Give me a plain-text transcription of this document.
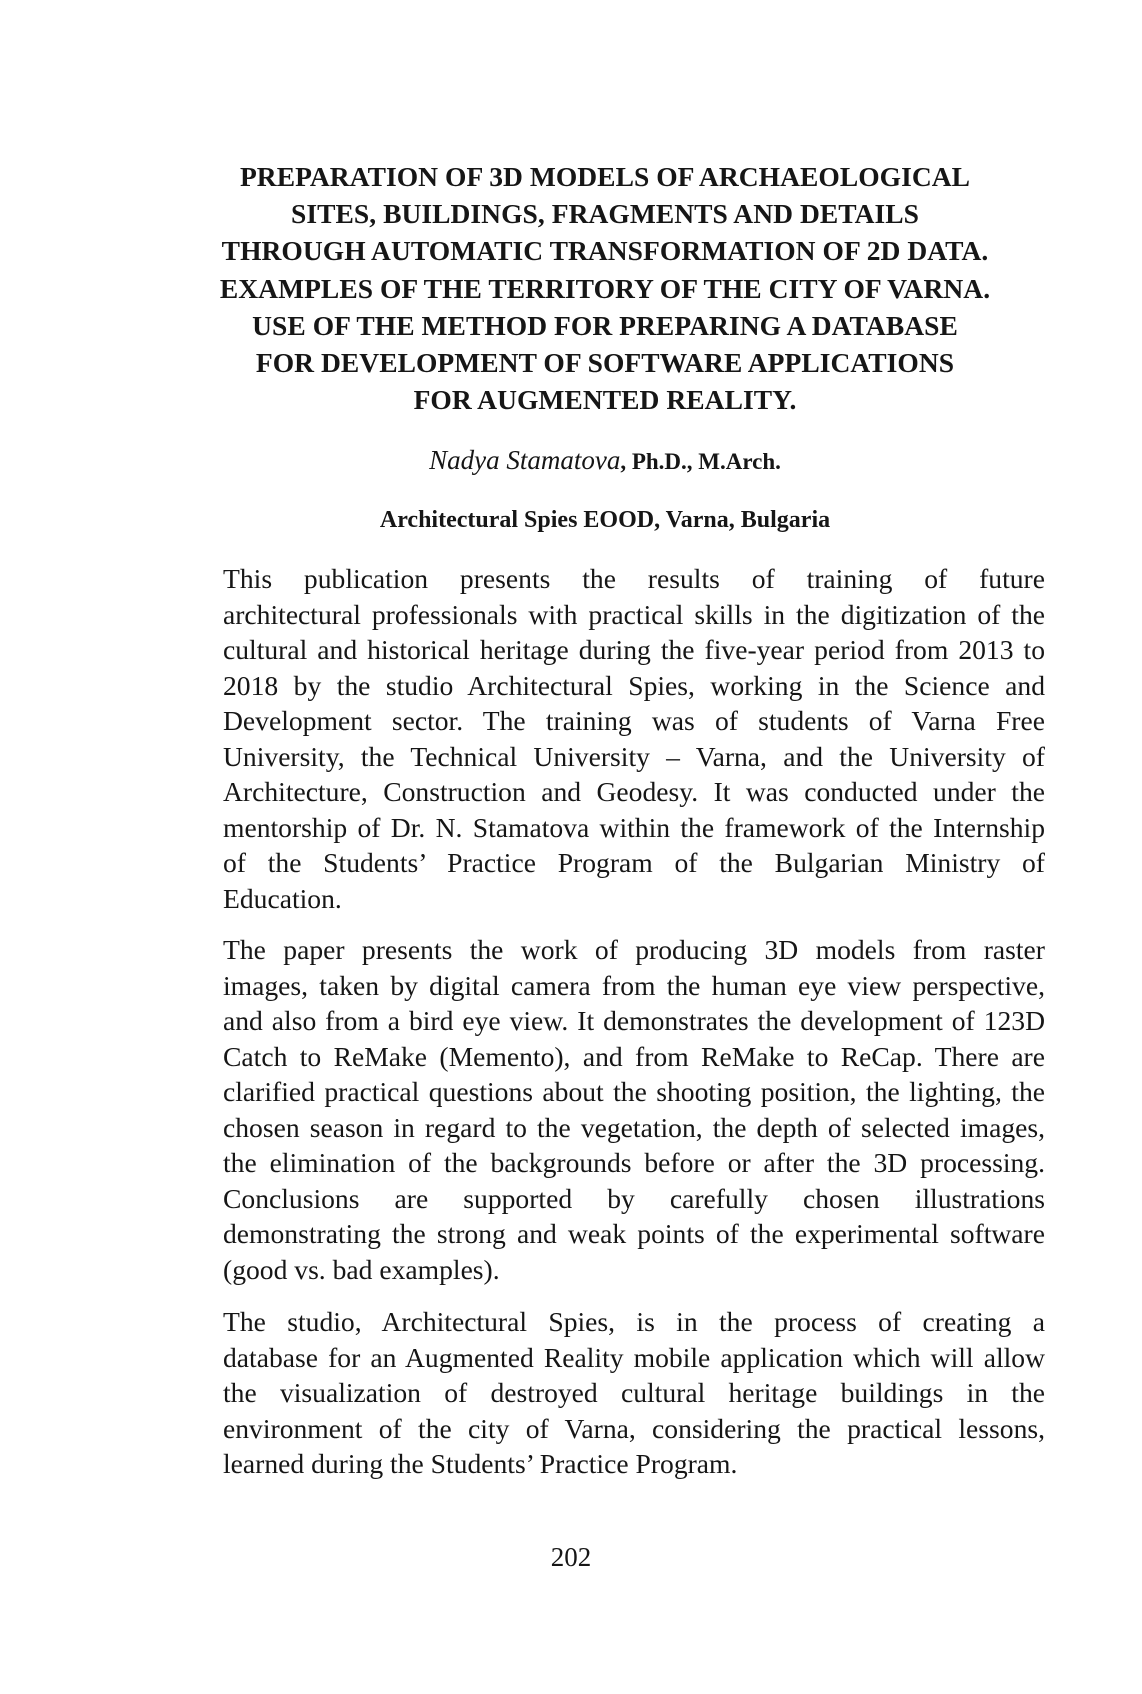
PREPARATION OF 3D MODELS OF ARCHAEOLOGICAL
SITES, BUILDINGS, FRAGMENTS AND DETAILS
THROUGH AUTOMATIC TRANSFORMATION OF 2D DATA.
EXAMPLES OF THE TERRITORY OF THE CITY OF VARNA.
USE OF THE METHOD FOR PREPARING A DATABASE
FOR DEVELOPMENT OF SOFTWARE APPLICATIONS
FOR AUGMENTED REALITY.

Nadya Stamatova, Ph.D., M.Arch.

Architectural Spies EOOD, Varna, Bulgaria

This publication presents the results of training of future
architectural professionals with practical skills in the digitization of the
cultural and historical heritage during the five-year period from 2013 to
2018 by the studio Architectural Spies, working in the Science and
Development sector. The training was of students of Varna Free
University, the Technical University – Varna, and the University of
Architecture, Construction and Geodesy. It was conducted under the
mentorship of Dr. N. Stamatova within the framework of the Internship
of the Students’ Practice Program of the Bulgarian Ministry of
Education.

The paper presents the work of producing 3D models from raster
images, taken by digital camera from the human eye view perspective,
and also from a bird eye view. It demonstrates the development of 123D
Catch to ReMake (Memento), and from ReMake to ReCap. There are
clarified practical questions about the shooting position, the lighting, the
chosen season in regard to the vegetation, the depth of selected images,
the elimination of the backgrounds before or after the 3D processing.
Conclusions are supported by carefully chosen illustrations
demonstrating the strong and weak points of the experimental software
(good vs. bad examples).

The studio, Architectural Spies, is in the process of creating a
database for an Augmented Reality mobile application which will allow
the visualization of destroyed cultural heritage buildings in the
environment of the city of Varna, considering the practical lessons,
learned during the Students’ Practice Program.

202
